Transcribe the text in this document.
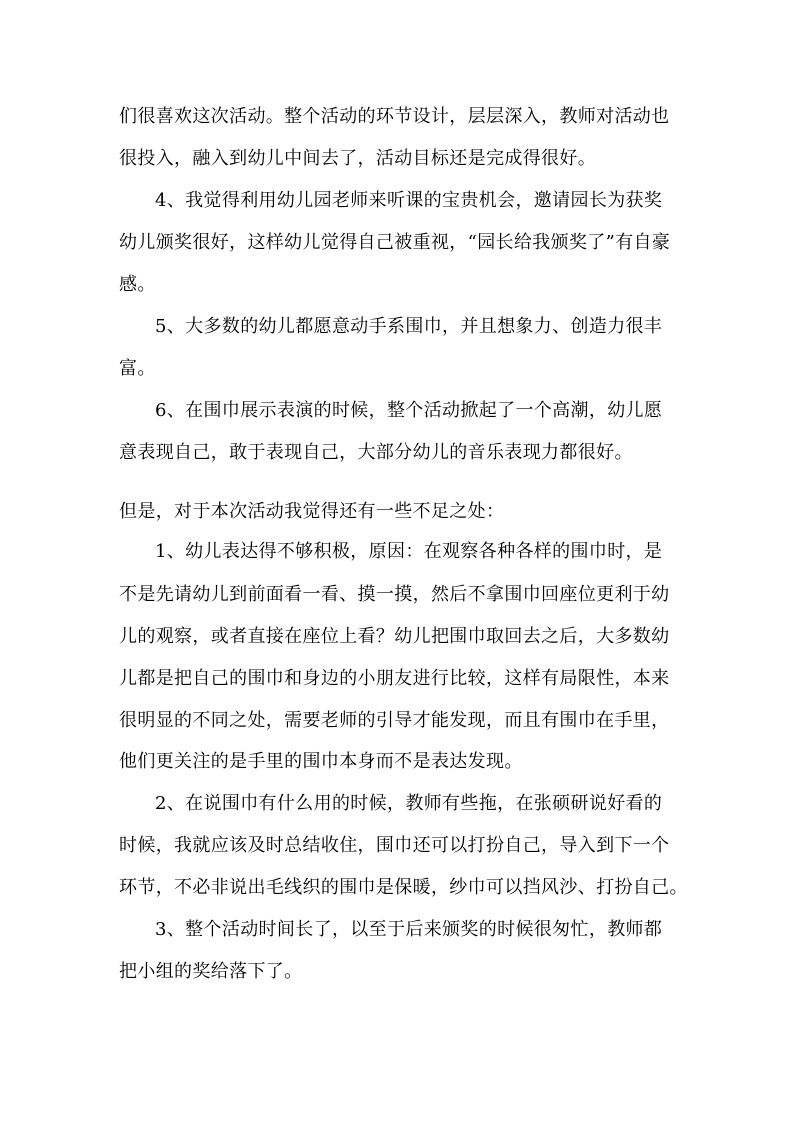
们很喜欢这次活动。整个活动的环节设计，层层深入，教师对活动也
很投入，融入到幼儿中间去了，活动目标还是完成得很好。
4、我觉得利用幼儿园老师来听课的宝贵机会，邀请园长为获奖
幼儿颁奖很好，这样幼儿觉得自己被重视，“园长给我颁奖了”有自豪
感。
5、大多数的幼儿都愿意动手系围巾，并且想象力、创造力很丰
富。
6、在围巾展示表演的时候，整个活动掀起了一个高潮，幼儿愿
意表现自己，敢于表现自己，大部分幼儿的音乐表现力都很好。
但是，对于本次活动我觉得还有一些不足之处：
1、幼儿表达得不够积极，原因：在观察各种各样的围巾时，是
不是先请幼儿到前面看一看、摸一摸，然后不拿围巾回座位更利于幼
儿的观察，或者直接在座位上看？幼儿把围巾取回去之后，大多数幼
儿都是把自己的围巾和身边的小朋友进行比较，这样有局限性，本来
很明显的不同之处，需要老师的引导才能发现，而且有围巾在手里，
他们更关注的是手里的围巾本身而不是表达发现。
2、在说围巾有什么用的时候，教师有些拖，在张硕研说好看的
时候，我就应该及时总结收住，围巾还可以打扮自己，导入到下一个
环节，不必非说出毛线织的围巾是保暖，纱巾可以挡风沙、打扮自己。
3、整个活动时间长了，以至于后来颁奖的时候很匆忙，教师都
把小组的奖给落下了。
